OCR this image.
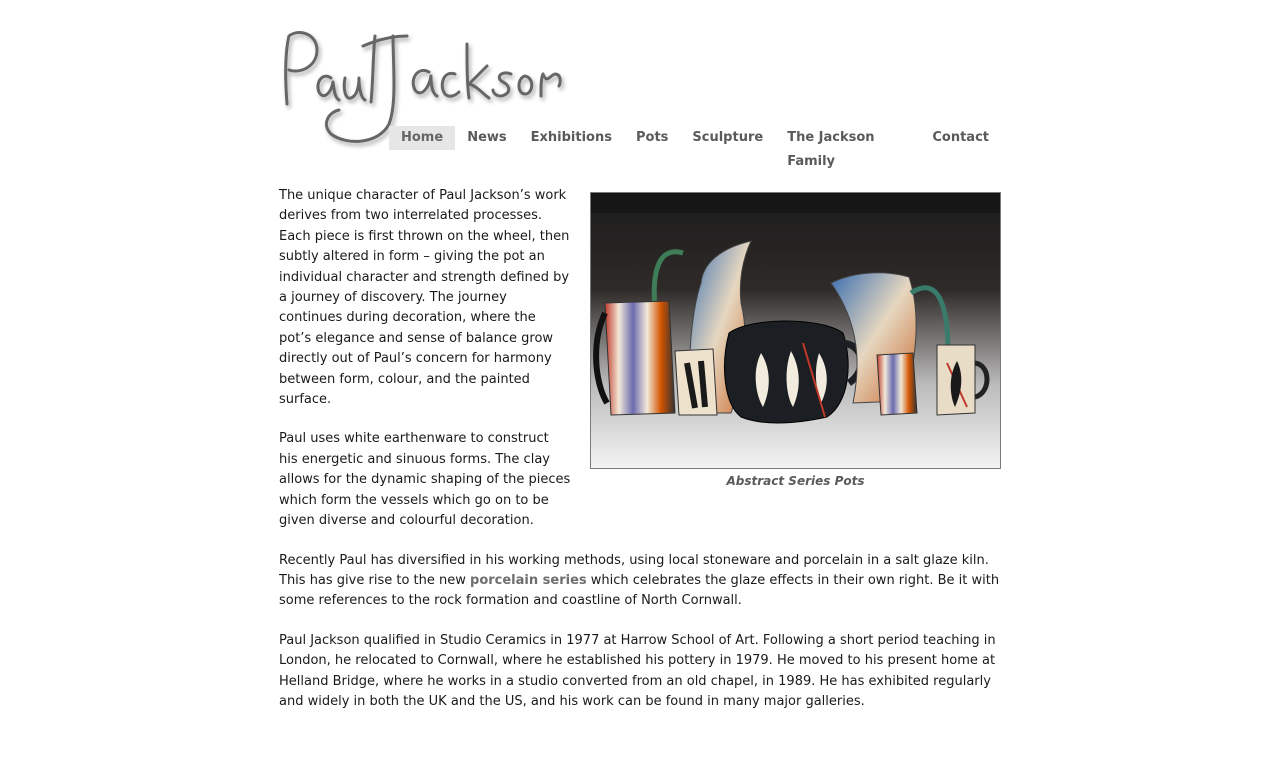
Home	News	Exhibitions	Pots	Sculpture	The Jackson Family
Contact
Abstract Series Pots

The unique character of Paul Jackson’s work derives from two interrelated processes. Each piece is first thrown on the wheel, then subtly altered in form – giving the pot an individual character and strength defined by a journey of discovery. The journey continues during decoration, where the pot’s elegance and sense of balance grow directly out of Paul’s concern for harmony between form, colour, and the painted surface.

Paul uses white earthenware to construct his energetic and sinuous forms. The clay allows for the dynamic shaping of the pieces which form the vessels which go on to be given diverse and colourful decoration.

Recently Paul has diversified in his working methods, using local stoneware and porcelain in a salt glaze kiln. This has give rise to the new porcelain series which celebrates the glaze effects in their own right. Be it with some references to the rock formation and coastline of North Cornwall.

Paul Jackson qualified in Studio Ceramics in 1977 at Harrow School of Art. Following a short period teaching in London, he relocated to Cornwall, where he established his pottery in 1979. He moved to his present home at Helland Bridge, where he works in a studio converted from an old chapel, in 1989. He has exhibited regularly and widely in both the UK and the US, and his work can be found in many major galleries.
